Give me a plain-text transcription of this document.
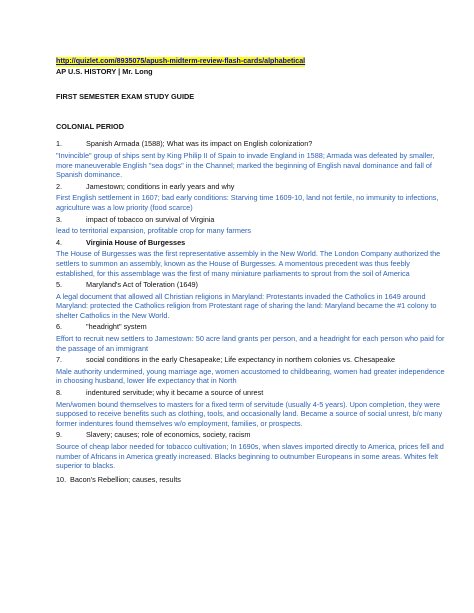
http://quizlet.com/8935075/apush-midterm-review-flash-cards/alphabetical
AP U.S. HISTORY | Mr. Long
FIRST SEMESTER EXAM STUDY GUIDE
COLONIAL PERIOD
1.	Spanish Armada (1588); What was its impact on English colonization?
"Invincible" group of ships sent by King Philip II of Spain to invade England in 1588; Armada was defeated by smaller, more maneuverable English "sea dogs" in the Channel; marked the beginning of English naval dominance and fall of Spanish dominance.
2.	Jamestown; conditions in early years and why
First English settlement in 1607; bad early conditions: Starving time 1609-10, land not fertile, no immunity to infections, agriculture was a low priority (food scarce)
3.	impact of tobacco on survival of Virginia
lead to territorial expansion, profitable crop for many farmers
4.	Virginia House of Burgesses
The House of Burgesses was the first representative assembly in the New World. The London Company authorized the settlers to summon an assembly, known as the House of Burgesses. A momentous precedent was thus feebly established, for this assemblage was the first of many miniature parliaments to sprout from the soil of America
5.	Maryland's Act of Toleration (1649)
A legal document that allowed all Christian religions in Maryland: Protestants invaded the Catholics in 1649 around Maryland: protected the Catholics religion from Protestant rage of sharing the land: Maryland became the #1 colony to shelter Catholics in the New World.
6.	"headright" system
Effort to recruit new settlers to Jamestown: 50 acre land grants per person, and a headright for each person who paid for the passage of an immigrant
7.	social conditions in the early Chesapeake; Life expectancy in northern colonies vs. Chesapeake
Male authority undermined, young marriage age, women accustomed to childbearing, women had greater independence in choosing husband, lower life expectancy that in North
8.	indentured servitude; why it became a source of unrest
Men/women bound themselves to masters for a fixed term of servitude (usually 4-5 years). Upon completion, they were supposed to receive benefits such as clothing, tools, and occasionally land. Became a source of social unrest, b/c many former indentures found themselves w/o employment, families, or prospects.
9.	Slavery; causes; role of economics, society, racism
Source of cheap labor needed for tobacco cultivation; In 1690s, when slaves imported directly to America, prices fell and number of Africans in America greatly increased. Blacks beginning to outnumber Europeans in some areas. Whites felt superior to blacks.
10. Bacon's Rebellion; causes, results
